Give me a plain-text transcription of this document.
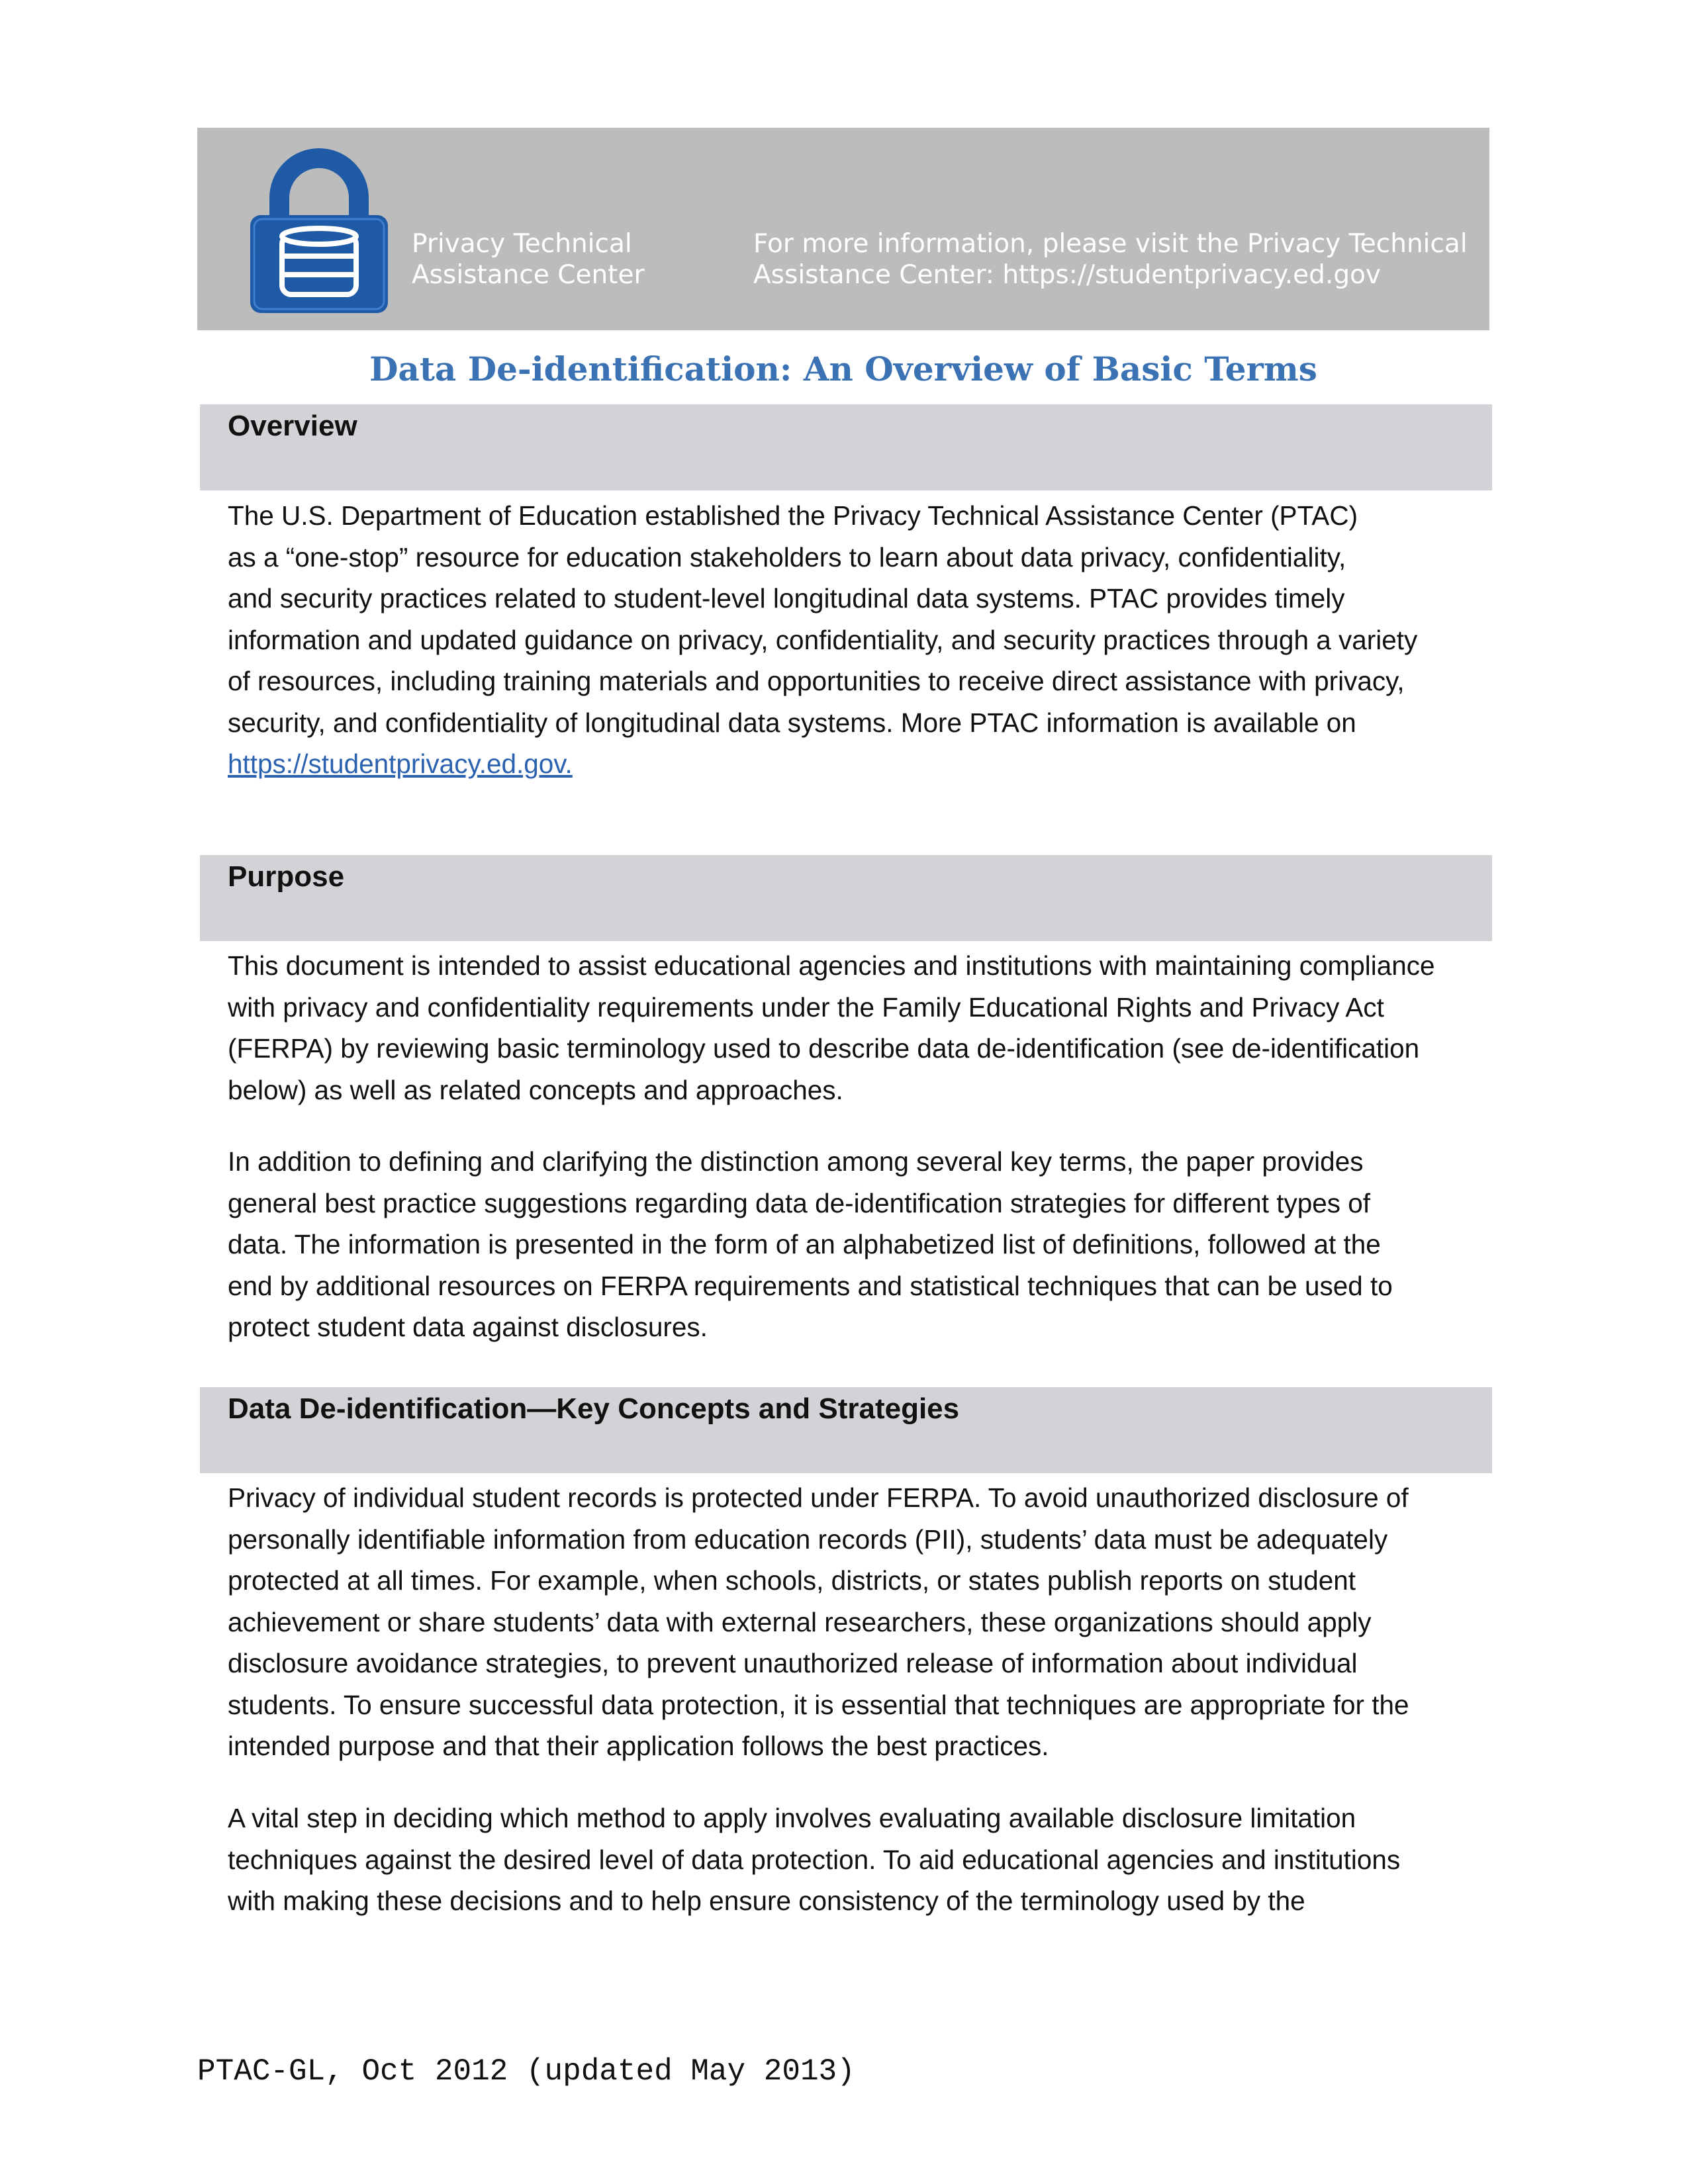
Privacy Technical
Assistance Center
For more information, please visit the Privacy Technical
Assistance Center: https://studentprivacy.ed.gov
Data De-identification: An Overview of Basic Terms
Overview
The U.S. Department of Education established the Privacy Technical Assistance Center (PTAC)
as a “one-stop” resource for education stakeholders to learn about data privacy, confidentiality,
and security practices related to student-level longitudinal data systems. PTAC provides timely
information and updated guidance on privacy, confidentiality, and security practices through a variety
of resources, including training materials and opportunities to receive direct assistance with privacy,
security, and confidentiality of longitudinal data systems. More PTAC information is available on
https://studentprivacy.ed.gov.
Purpose
This document is intended to assist educational agencies and institutions with maintaining compliance
with privacy and confidentiality requirements under the Family Educational Rights and Privacy Act
(FERPA) by reviewing basic terminology used to describe data de-identification (see de-identification
below) as well as related concepts and approaches.
In addition to defining and clarifying the distinction among several key terms, the paper provides
general best practice suggestions regarding data de-identification strategies for different types of
data. The information is presented in the form of an alphabetized list of definitions, followed at the
end by additional resources on FERPA requirements and statistical techniques that can be used to
protect student data against disclosures.
Data De-identification—Key Concepts and Strategies
Privacy of individual student records is protected under FERPA. To avoid unauthorized disclosure of
personally identifiable information from education records (PII), students’ data must be adequately
protected at all times. For example, when schools, districts, or states publish reports on student
achievement or share students’ data with external researchers, these organizations should apply
disclosure avoidance strategies, to prevent unauthorized release of information about individual
students. To ensure successful data protection, it is essential that techniques are appropriate for the
intended purpose and that their application follows the best practices.
A vital step in deciding which method to apply involves evaluating available disclosure limitation
techniques against the desired level of data protection. To aid educational agencies and institutions
with making these decisions and to help ensure consistency of the terminology used by the
PTAC-GL, Oct 2012 (updated May 2013)
